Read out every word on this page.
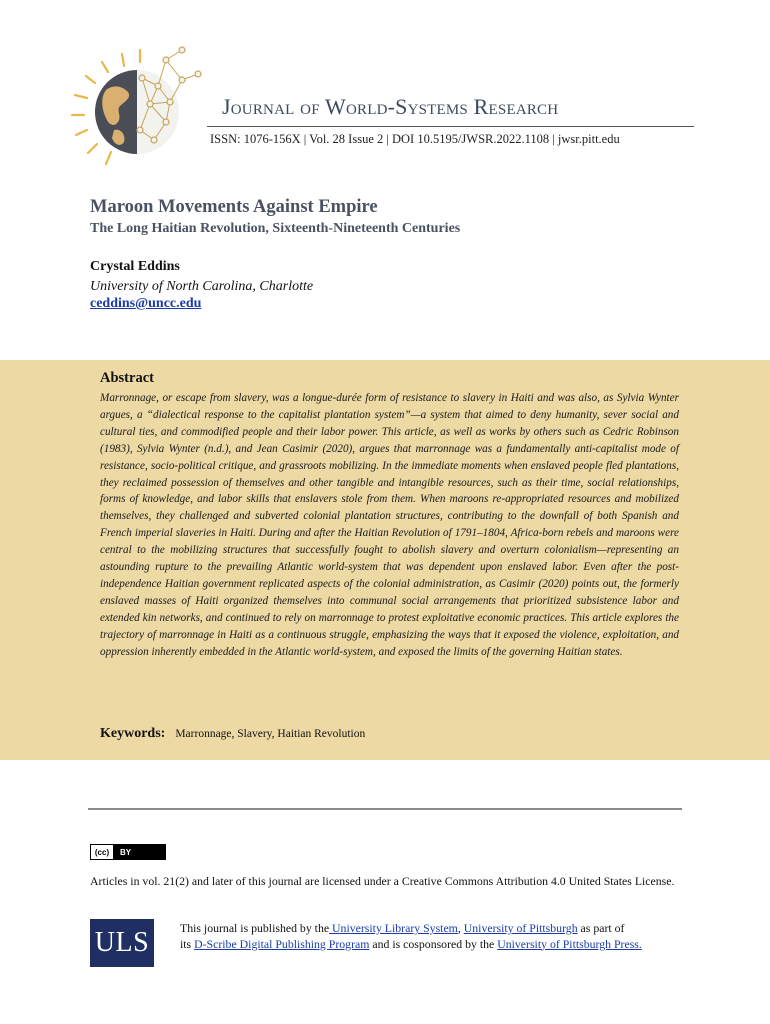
Journal of World-Systems Research
ISSN: 1076-156X | Vol. 28 Issue 2 | DOI 10.5195/JWSR.2022.1108 | jwsr.pitt.edu
Maroon Movements Against Empire
The Long Haitian Revolution, Sixteenth-Nineteenth Centuries
Crystal Eddins
University of North Carolina, Charlotte
ceddins@uncc.edu
Abstract
Marronnage, or escape from slavery, was a longue-durée form of resistance to slavery in Haiti and was also, as Sylvia Wynter argues, a “dialectical response to the capitalist plantation system”—a system that aimed to deny humanity, sever social and cultural ties, and commodified people and their labor power. This article, as well as works by others such as Cedric Robinson (1983), Sylvia Wynter (n.d.), and Jean Casimir (2020), argues that marronnage was a fundamentally anti-capitalist mode of resistance, socio-political critique, and grassroots mobilizing. In the immediate moments when enslaved people fled plantations, they reclaimed possession of themselves and other tangible and intangible resources, such as their time, social relationships, forms of knowledge, and labor skills that enslavers stole from them. When maroons re-appropriated resources and mobilized themselves, they challenged and subverted colonial plantation structures, contributing to the downfall of both Spanish and French imperial slaveries in Haiti. During and after the Haitian Revolution of 1791–1804, Africa-born rebels and maroons were central to the mobilizing structures that successfully fought to abolish slavery and overturn colonialism—representing an astounding rupture to the prevailing Atlantic world-system that was dependent upon enslaved labor. Even after the post-independence Haitian government replicated aspects of the colonial administration, as Casimir (2020) points out, the formerly enslaved masses of Haiti organized themselves into communal social arrangements that prioritized subsistence labor and extended kin networks, and continued to rely on marronnage to protest exploitative economic practices. This article explores the trajectory of marronnage in Haiti as a continuous struggle, emphasizing the ways that it exposed the violence, exploitation, and oppression inherently embedded in the Atlantic world-system, and exposed the limits of the governing Haitian states.
Keywords: Marronnage, Slavery, Haitian Revolution
(cc)	BY
Articles in vol. 21(2) and later of this journal are licensed under a Creative Commons Attribution 4.0 United States License.
ULS	This journal is published by the University Library System, University of Pittsburgh as part of
its D-Scribe Digital Publishing Program and is cosponsored by the University of Pittsburgh Press.
